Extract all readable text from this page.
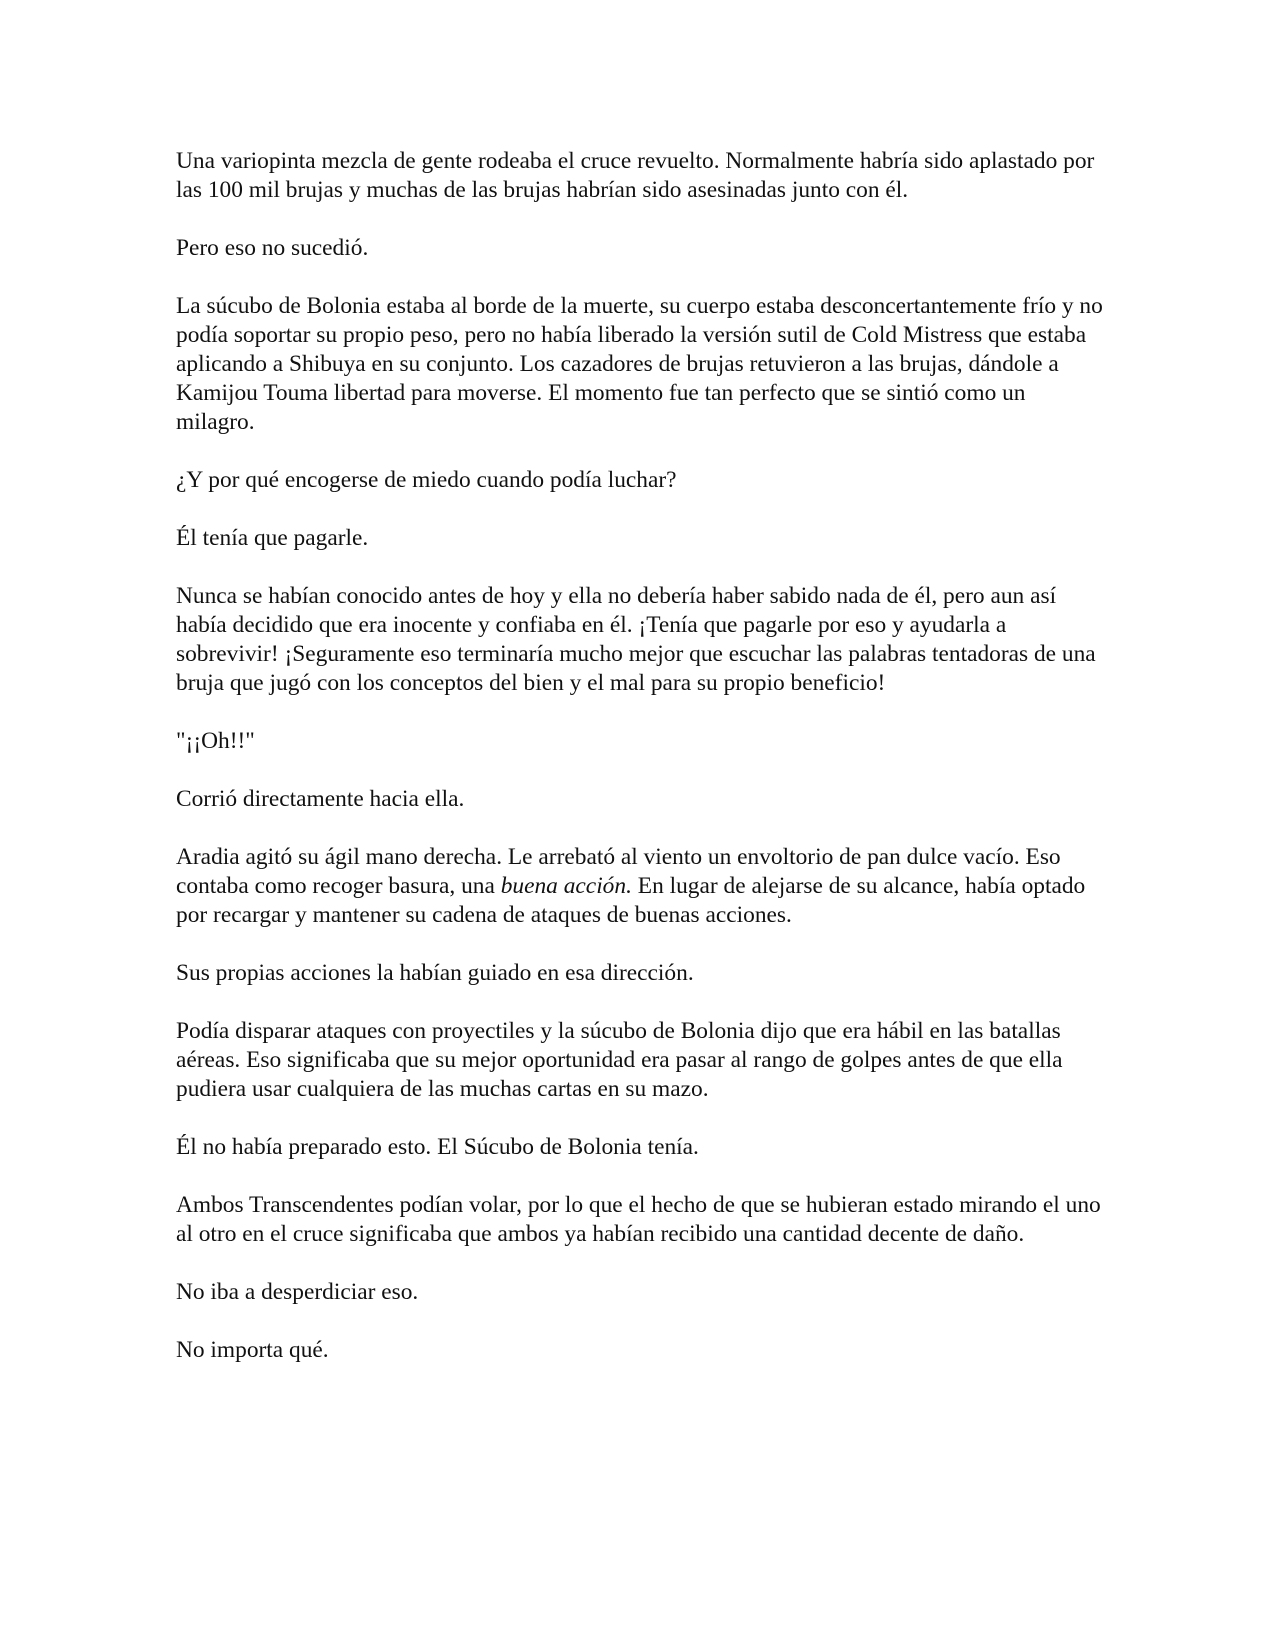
Una variopinta mezcla de gente rodeaba el cruce revuelto. Normalmente habría sido aplastado por las 100 mil brujas y muchas de las brujas habrían sido asesinadas junto con él.

Pero eso no sucedió.

La súcubo de Bolonia estaba al borde de la muerte, su cuerpo estaba desconcertantemente frío y no podía soportar su propio peso, pero no había liberado la versión sutil de Cold Mistress que estaba aplicando a Shibuya en su conjunto. Los cazadores de brujas retuvieron a las brujas, dándole a Kamijou Touma libertad para moverse. El momento fue tan perfecto que se sintió como un milagro.

¿Y por qué encogerse de miedo cuando podía luchar?

Él tenía que pagarle.

Nunca se habían conocido antes de hoy y ella no debería haber sabido nada de él, pero aun así había decidido que era inocente y confiaba en él. ¡Tenía que pagarle por eso y ayudarla a sobrevivir! ¡Seguramente eso terminaría mucho mejor que escuchar las palabras tentadoras de una bruja que jugó con los conceptos del bien y el mal para su propio beneficio!

"¡¡Oh!!"

Corrió directamente hacia ella.

Aradia agitó su ágil mano derecha. Le arrebató al viento un envoltorio de pan dulce vacío. Eso contaba como recoger basura, una buena acción. En lugar de alejarse de su alcance, había optado por recargar y mantener su cadena de ataques de buenas acciones.

Sus propias acciones la habían guiado en esa dirección.

Podía disparar ataques con proyectiles y la súcubo de Bolonia dijo que era hábil en las batallas aéreas. Eso significaba que su mejor oportunidad era pasar al rango de golpes antes de que ella pudiera usar cualquiera de las muchas cartas en su mazo.

Él no había preparado esto. El Súcubo de Bolonia tenía.

Ambos Transcendentes podían volar, por lo que el hecho de que se hubieran estado mirando el uno al otro en el cruce significaba que ambos ya habían recibido una cantidad decente de daño.

No iba a desperdiciar eso.

No importa qué.
